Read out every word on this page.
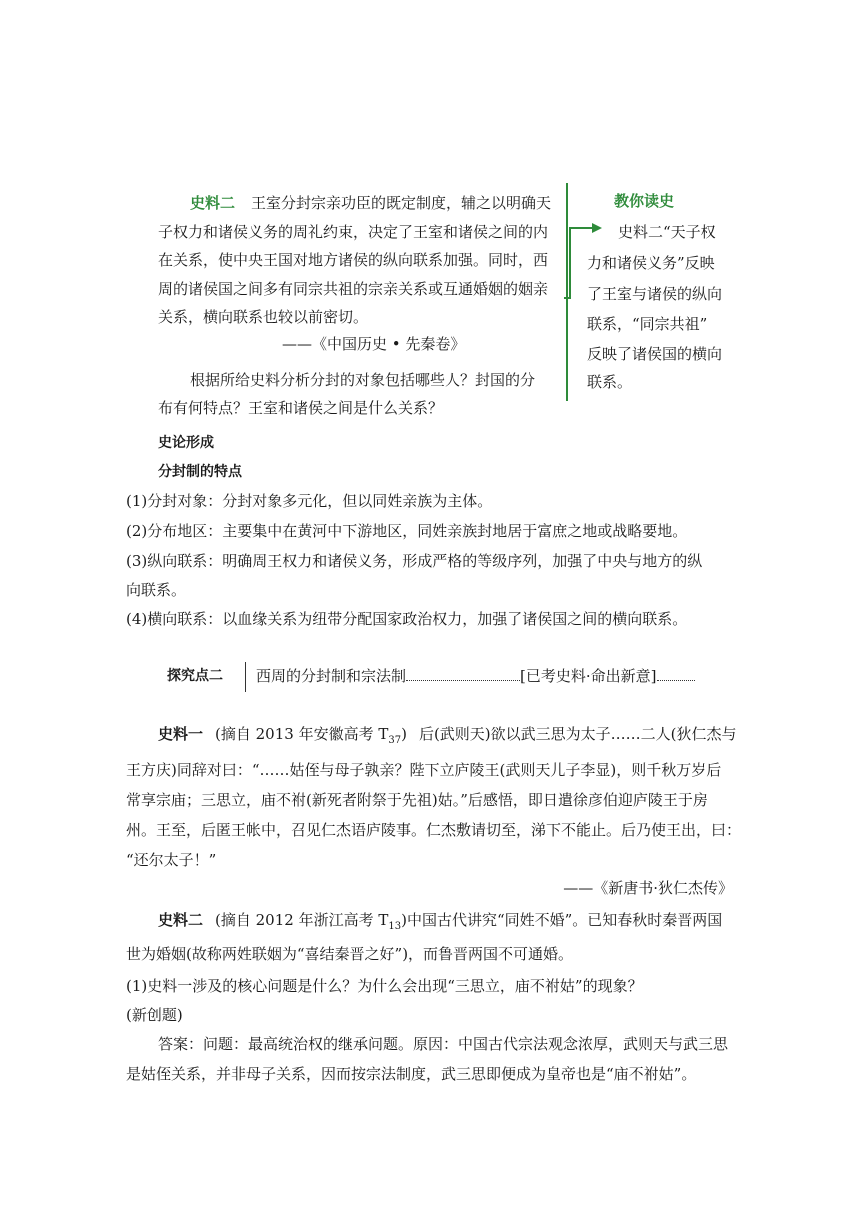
史料二 王室分封宗亲功臣的既定制度，辅之以明确天
子权力和诸侯义务的周礼约束，决定了王室和诸侯之间的内
在关系，使中央王国对地方诸侯的纵向联系加强。同时，西
周的诸侯国之间多有同宗共祖的宗亲关系或互通婚姻的姻亲
关系，横向联系也较以前密切。
——《中国历史 • 先秦卷》
根据所给史料分析分封的对象包括哪些人？封国的分
布有何特点？王室和诸侯之间是什么关系？
教你读史
史料二“天子权
力和诸侯义务”反映
了王室与诸侯的纵向
联系，“同宗共祖”
反映了诸侯国的横向
联系。
史论形成
分封制的特点
(1)分封对象：分封对象多元化，但以同姓亲族为主体。
(2)分布地区：主要集中在黄河中下游地区，同姓亲族封地居于富庶之地或战略要地。
(3)纵向联系：明确周王权力和诸侯义务，形成严格的等级序列，加强了中央与地方的纵
向联系。
(4)横向联系：以血缘关系为纽带分配国家政治权力，加强了诸侯国之间的横向联系。
探究点二 西周的分封制和宗法制	[已考史料·命出新意]
史料一 (摘自 2013 年安徽高考 $T_{37}$) 后(武则天)欲以武三思为太子……二人(狄仁杰与
王方庆)同辞对曰：“……姑侄与母子孰亲？陛下立庐陵王(武则天儿子李显)，则千秋万岁后
常享宗庙；三思立，庙不祔(新死者附祭于先祖)姑。”后感悟，即日遣徐彦伯迎庐陵王于房
州。王至，后匿王帐中，召见仁杰语庐陵事。仁杰敷请切至，涕下不能止。后乃使王出，曰：
“还尔太子！”
——《新唐书·狄仁杰传》
史料二 (摘自 2012 年浙江高考 $T_{13}$)中国古代讲究“同姓不婚”。已知春秋时秦晋两国
世为婚姻(故称两姓联姻为“喜结秦晋之好”)，而鲁晋两国不可通婚。
(1)史料一涉及的核心问题是什么？为什么会出现“三思立，庙不祔姑”的现象？
(新创题)
答案：问题：最高统治权的继承问题。原因：中国古代宗法观念浓厚，武则天与武三思
是姑侄关系，并非母子关系，因而按宗法制度，武三思即便成为皇帝也是“庙不祔姑”。
